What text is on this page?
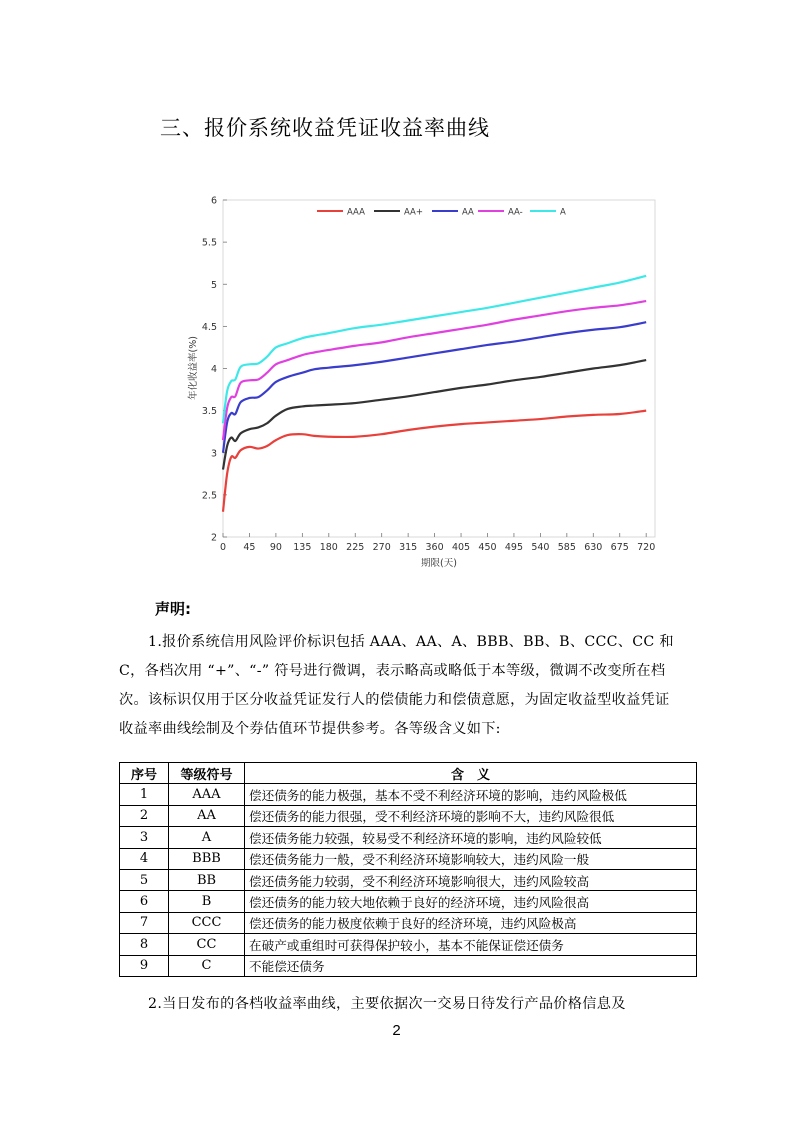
三、报价系统收益凭证收益率曲线
2
2.5
3
3.5
4
4.5
5
5.5
6
0 45 90 135 180 225 270 315 360 405 450 495 540 585 630 675 720
AAA	AA+	AA	AA-	A
期限(天)
年化收益率(%)
声明:
1.报价系统信用风险评价标识包括 AAA、AA、A、BBB、BB、B、CCC、CC 和 C，各档次用 “+”、“-” 符号进行微调，表示略高或略低于本等级，微调不改变所在档次。该标识仅用于区分收益凭证发行人的偿债能力和偿债意愿，为固定收益型收益凭证收益率曲线绘制及个券估值环节提供参考。各等级含义如下:
序号	等级符号	含　义
1	AAA	偿还债务的能力极强，基本不受不利经济环境的影响，违约风险极低
2	AA	偿还债务的能力很强，受不利经济环境的影响不大，违约风险很低
3	A	偿还债务能力较强，较易受不利经济环境的影响，违约风险较低
4	BBB	偿还债务能力一般，受不利经济环境影响较大，违约风险一般
5	BB	偿还债务能力较弱，受不利经济环境影响很大，违约风险较高
6	B	偿还债务的能力较大地依赖于良好的经济环境，违约风险很高
7	CCC	偿还债务的能力极度依赖于良好的经济环境，违约风险极高
8	CC	在破产或重组时可获得保护较小，基本不能保证偿还债务
9	C	不能偿还债务
2.当日发布的各档收益率曲线，主要依据次一交易日待发行产品价格信息及
2
